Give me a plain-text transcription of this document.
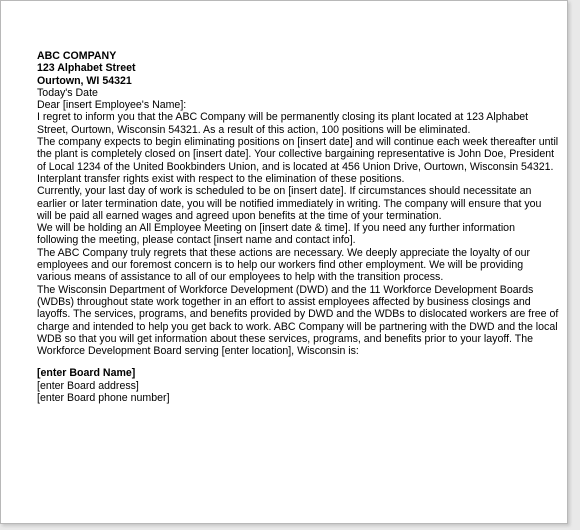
ABC COMPANY

123 Alphabet Street

Ourtown, WI 54321

Today's Date

Dear [insert Employee's Name]:

I regret to inform you that the ABC Company will be permanently closing its plant located at 123 Alphabet Street, Ourtown, Wisconsin 54321. As a result of this action, 100 positions will be eliminated.

The company expects to begin eliminating positions on [insert date] and will continue each week thereafter until the plant is completely closed on [insert date]. Your collective bargaining representative is John Doe, President of Local 1234 of the United Bookbinders Union, and is located at 456 Union Drive, Ourtown, Wisconsin 54321. Interplant transfer rights exist with respect to the elimination of these positions.

Currently, your last day of work is scheduled to be on [insert date]. If circumstances should necessitate an earlier or later termination date, you will be notified immediately in writing. The company will ensure that you will be paid all earned wages and agreed upon benefits at the time of your termination.

We will be holding an All Employee Meeting on [insert date & time]. If you need any further information following the meeting, please contact [insert name and contact info].

The ABC Company truly regrets that these actions are necessary. We deeply appreciate the loyalty of our employees and our foremost concern is to help our workers find other employment. We will be providing various means of assistance to all of our employees to help with the transition process.

The Wisconsin Department of Workforce Development (DWD) and the 11 Workforce Development Boards (WDBs) throughout state work together in an effort to assist employees affected by business closings and layoffs. The services, programs, and benefits provided by DWD and the WDBs to dislocated workers are free of charge and intended to help you get back to work. ABC Company will be partnering with the DWD and the local WDB so that you will get information about these services, programs, and benefits prior to your layoff. The Workforce Development Board serving [enter location], Wisconsin is:

[enter Board Name]

[enter Board address]

[enter Board phone number]
